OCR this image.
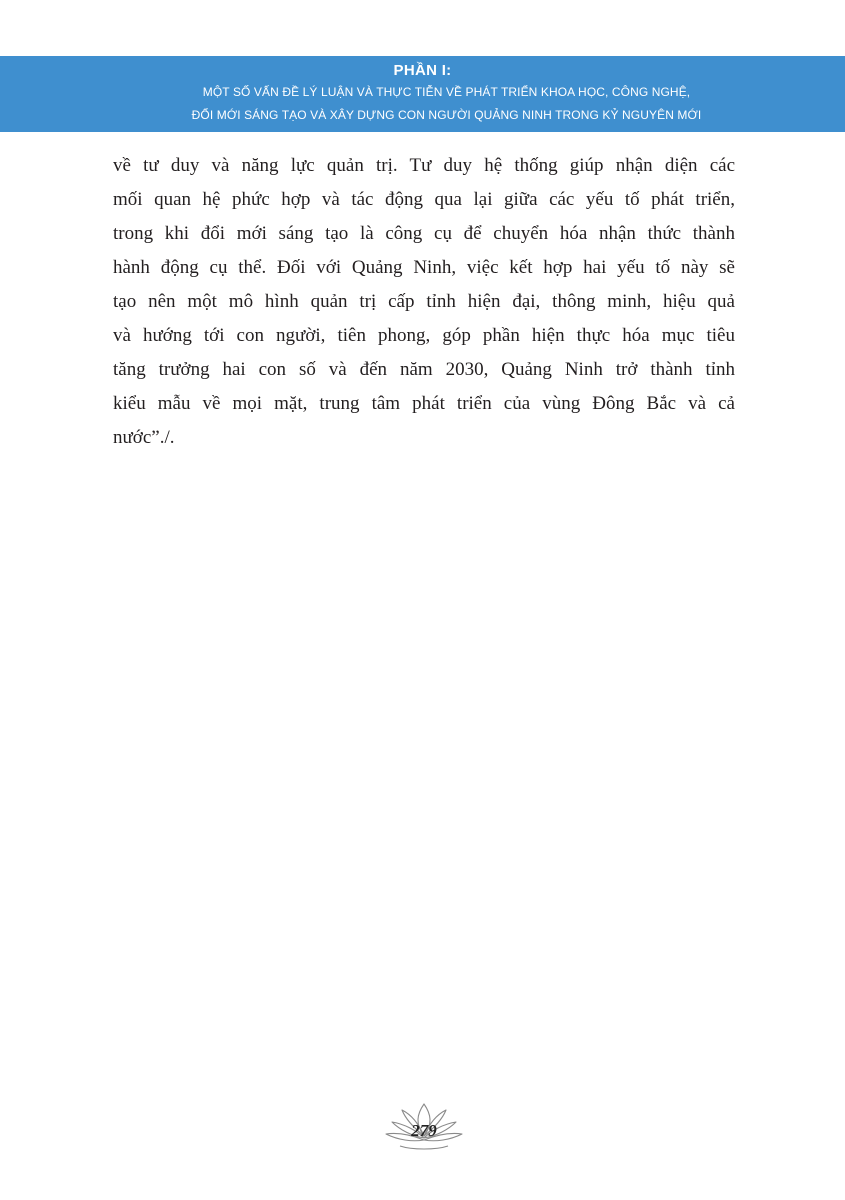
PHẦN I:
MỘT SỐ VẤN ĐỀ LÝ LUẬN VÀ THỰC TIỄN VỀ PHÁT TRIỂN KHOA HỌC, CÔNG NGHỆ,
ĐỔI MỚI SÁNG TẠO VÀ XÂY DỰNG CON NGƯỜI QUẢNG NINH TRONG KỶ NGUYÊN MỚI
về tư duy và năng lực quản trị. Tư duy hệ thống giúp nhận diện các
mối quan hệ phức hợp và tác động qua lại giữa các yếu tố phát triển,
trong khi đổi mới sáng tạo là công cụ để chuyển hóa nhận thức thành
hành động cụ thể. Đối với Quảng Ninh, việc kết hợp hai yếu tố này sẽ
tạo nên một mô hình quản trị cấp tỉnh hiện đại, thông minh, hiệu quả
và hướng tới con người, tiên phong, góp phần hiện thực hóa mục tiêu
tăng trưởng hai con số và đến năm 2030, Quảng Ninh trở thành tỉnh
kiểu mẫu về mọi mặt, trung tâm phát triển của vùng Đông Bắc và cả
nước”./.
279
